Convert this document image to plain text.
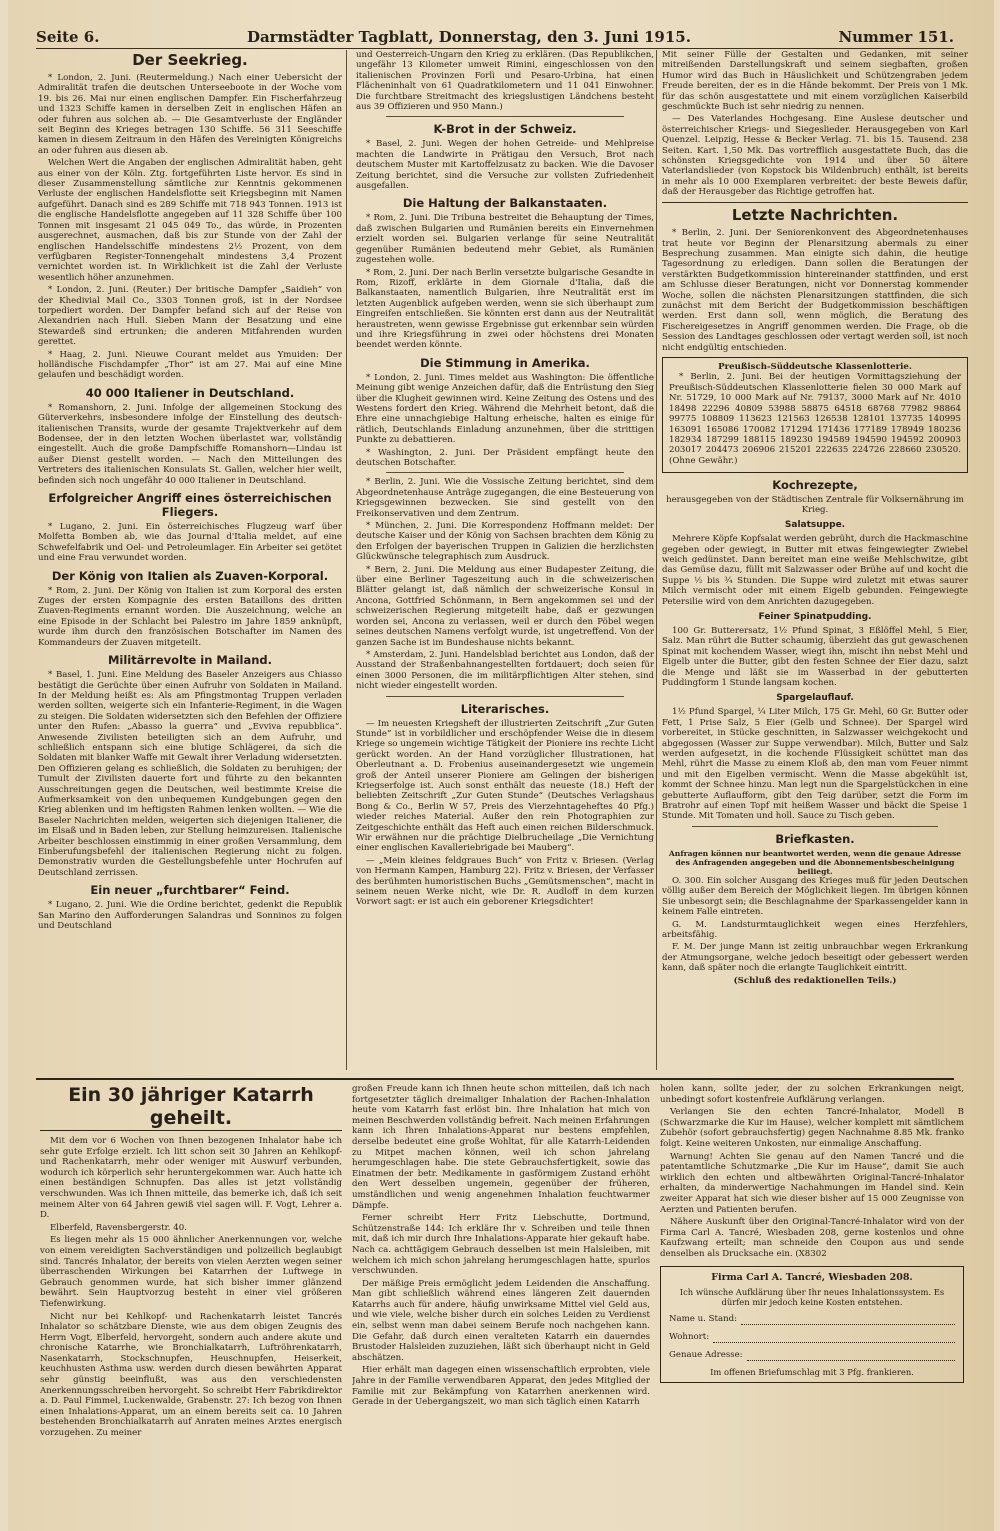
Seite 6.	Darmstädter Tagblatt, Donnerstag, den 3. Juni 1915.	Nummer 151.
Der Seekrieg.

* London, 2. Juni. (Reutermeldung.) Nach einer Uebersicht der Admiralität trafen die deutschen Unterseeboote in der Woche vom 19. bis 26. Mai nur einen englischen Dampfer. Ein Fischerfahrzeug und 1323 Schiffe kamen in derselben Zeit in englischen Häfen an oder fuhren aus solchen ab. — Die Gesamtverluste der Engländer seit Beginn des Krieges betragen 130 Schiffe. 56 311 Seeschiffe kamen in diesem Zeitraum in den Häfen des Vereinigten Königreichs an oder fuhren aus diesen ab.

Welchen Wert die Angaben der englischen Admiralität haben, geht aus einer von der Köln. Ztg. fortgeführten Liste hervor. Es sind in dieser Zusammenstellung sämtliche zur Kenntnis gekommenen Verluste der englischen Handelsflotte seit Kriegsbeginn mit Namen aufgeführt. Danach sind es 289 Schiffe mit 718 943 Tonnen. 1913 ist die englische Handelsflotte angegeben auf 11 328 Schiffe über 100 Tonnen mit insgesamt 21 045 049 To., das würde, in Prozenten ausgerechnet, ausmachen, daß bis zur Stunde von der Zahl der englischen Handelsschiffe mindestens 2½ Prozent, von dem verfügbaren Register-Tonnengehalt mindestens 3,4 Prozent vernichtet worden ist. In Wirklichkeit ist die Zahl der Verluste wesentlich höher anzunehmen.

* London, 2. Juni. (Reuter.) Der britische Dampfer „Saidieh“ von der Khedivial Mail Co., 3303 Tonnen groß, ist in der Nordsee torpediert worden. Der Dampfer befand sich auf der Reise von Alexandrien nach Hull. Sieben Mann der Besatzung und eine Stewardeß sind ertrunken; die anderen Mitfahrenden wurden gerettet.

* Haag, 2. Juni. Nieuwe Courant meldet aus Ymuiden: Der holländische Fischdampfer „Thor“ ist am 27. Mai auf eine Mine gelaufen und beschädigt worden.

40 000 Italiener in Deutschland.

* Romanshorn, 2. Juni. Infolge der allgemeinen Stockung des Güterverkehrs, insbesondere infolge der Einstellung des deutsch-italienischen Transits, wurde der gesamte Trajektverkehr auf dem Bodensee, der in den letzten Wochen überlastet war, vollständig eingestellt. Auch die große Dampfschiffe Romanshorn—Lindau ist außer Dienst gestellt worden. — Nach den Mitteilungen des Vertreters des italienischen Konsulats St. Gallen, welcher hier weilt, befinden sich noch ungefähr 40 000 Italiener in Deutschland.

Erfolgreicher Angriff eines österreichischen Fliegers.

* Lugano, 2. Juni. Ein österreichisches Flugzeug warf über Molfetta Bomben ab, wie das Journal d'Italia meldet, auf eine Schwefelfabrik und Oel- und Petroleumlager. Ein Arbeiter sei getötet und eine Frau verwundet worden.

Der König von Italien als Zuaven-Korporal.

* Rom, 2. Juni. Der König von Italien ist zum Korporal des ersten Zuges der ersten Kompagnie des ersten Bataillons des dritten Zuaven-Regiments ernannt worden. Die Auszeichnung, welche an eine Episode in der Schlacht bei Palestro im Jahre 1859 anknüpft, wurde ihm durch den französischen Botschafter im Namen des Kommandeurs der Zuaven mitgeteilt.

Militärrevolte in Mailand.

* Basel, 1. Juni. Eine Meldung des Baseler Anzeigers aus Chiasso bestätigt die Gerüchte über einen Aufruhr von Soldaten in Mailand. In der Meldung heißt es: Als am Pfingstmontag Truppen verladen werden sollten, weigerte sich ein Infanterie-Regiment, in die Wagen zu steigen. Die Soldaten widersetzten sich den Befehlen der Offiziere unter den Rufen: „Abasso la guerra“ und „Evviva repubblica“. Anwesende Zivilisten beteiligten sich an dem Aufruhr, und schließlich entspann sich eine blutige Schlägerei, da sich die Soldaten mit blanker Waffe mit Gewalt ihrer Verladung widersetzten. Den Offizieren gelang es schließlich, die Soldaten zu beruhigen; der Tumult der Zivilisten dauerte fort und führte zu den bekannten Ausschreitungen gegen die Deutschen, weil bestimmte Kreise die Aufmerksamkeit von den unbequemen Kundgebungen gegen den Krieg ablenken und im heftigsten Rahmen lenken wollten. — Wie die Baseler Nachrichten melden, weigerten sich diejenigen Italiener, die im Elsaß und in Baden leben, zur Stellung heimzureisen. Italienische Arbeiter beschlossen einstimmig in einer großen Versammlung, dem Einberufungsbefehl der italienischen Regierung nicht zu folgen. Demonstrativ wurden die Gestellungsbefehle unter Hochrufen auf Deutschland zerrissen.

Ein neuer „furchtbarer“ Feind.

* Lugano, 2. Juni. Wie die Ordine berichtet, gedenkt die Republik San Marino den Aufforderungen Salandras und Sonninos zu folgen und Deutschland

und Oesterreich-Ungarn den Krieg zu erklären. (Das Republikchen, ungefähr 13 Kilometer umweit Rimini, eingeschlossen von den italienischen Provinzen Forlì und Pesaro-Urbina, hat einen Flächeninhalt von 61 Quadratkilometern und 11 041 Einwohner. Die furchtbare Streitmacht des kriegslustigen Ländchens besteht aus 39 Offizieren und 950 Mann.)

K-Brot in der Schweiz.

* Basel, 2. Juni. Wegen der hohen Getreide- und Mehlpreise machten die Landwirte in Prätigau den Versuch, Brot nach deutschem Muster mit Kartoffelzusatz zu backen. Wie die Davoser Zeitung berichtet, sind die Versuche zur vollsten Zufriedenheit ausgefallen.

Die Haltung der Balkanstaaten.

* Rom, 2. Juni. Die Tribuna bestreitet die Behauptung der Times, daß zwischen Bulgarien und Rumänien bereits ein Einvernehmen erzielt worden sei. Bulgarien verlange für seine Neutralität gegenüber Rumänien bedeutend mehr Gebiet, als Rumänien zugestehen wolle.

* Rom, 2. Juni. Der nach Berlin versetzte bulgarische Gesandte in Rom, Rizoff, erklärte in dem Giornale d'Italia, daß die Balkanstaaten, namentlich Bulgarien, ihre Neutralität erst im letzten Augenblick aufgeben werden, wenn sie sich überhaupt zum Eingreifen entschließen. Sie könnten erst dann aus der Neutralität heraustreten, wenn gewisse Ergebnisse gut erkennbar sein würden und ihre Kriegsführung in zwei oder höchstens drei Monaten beendet werden könnte.

Die Stimmung in Amerika.

* London, 2. Juni. Times meldet aus Washington: Die öffentliche Meinung gibt wenige Anzeichen dafür, daß die Entrüstung den Sieg über die Klugheit gewinnen wird. Keine Zeitung des Ostens und des Westens fordert den Krieg. Während die Mehrheit betont, daß die Ehre eine unnachgiebige Haltung erheische, halten es einige für rätlich, Deutschlands Einladung anzunehmen, über die strittigen Punkte zu debattieren.

* Washington, 2. Juni. Der Präsident empfängt heute den deutschen Botschafter.

* Berlin, 2. Juni. Wie die Vossische Zeitung berichtet, sind dem Abgeordnetenhause Anträge zugegangen, die eine Besteuerung von Kriegsgewinnen bezwecken. Sie sind gestellt von den Freikonservativen und dem Zentrum.

* München, 2. Juni. Die Korrespondenz Hoffmann meldet: Der deutsche Kaiser und der König von Sachsen brachten dem König zu den Erfolgen der bayerischen Truppen in Galizien die herzlichsten Glückwünsche telegraphisch zum Ausdruck.

* Bern, 2. Juni. Die Meldung aus einer Budapester Zeitung, die über eine Berliner Tageszeitung auch in die schweizerischen Blätter gelangt ist, daß nämlich der schweizerische Konsul in Ancona, Gottfried Schönmann, in Bern angekommen sei und der schweizerischen Regierung mitgeteilt habe, daß er gezwungen worden sei, Ancona zu verlassen, weil er durch den Pöbel wegen seines deutschen Namens verfolgt wurde, ist ungetreffend. Von der ganzen Sache ist im Bundeshause nichts bekannt.

* Amsterdam, 2. Juni. Handelsblad berichtet aus London, daß der Ausstand der Straßenbahnangestellten fortdauert; doch seien für einen 3000 Personen, die im militärpflichtigen Alter stehen, sind nicht wieder eingestellt worden.

Literarisches.

— Im neuesten Kriegsheft der illustrierten Zeitschrift „Zur Guten Stunde“ ist in vorbildlicher und erschöpfender Weise die in diesem Kriege so ungemein wichtige Tätigkeit der Pioniere ins rechte Licht gerückt worden. An der Hand vorzüglicher Illustrationen, hat Oberleutnant a. D. Frobenius auseinandergesetzt wie ungemein groß der Anteil unserer Pioniere am Gelingen der bisherigen Kriegserfolge ist. Auch sonst enthält das neueste (18.) Heft der beliebten Zeitschrift „Zur Guten Stunde“ (Deutsches Verlagshaus Bong & Co., Berlin W 57, Preis des Vierzehntageheftes 40 Pfg.) wieder reiches Material. Außer den rein Photographien zur Zeitgeschichte enthält das Heft auch einen reichen Bilderschmuck. Wir erwähnen nur die prächtige Dielbrucheilage „Die Vernichtung einer englischen Kavalleriebrigade bei Mauberg“.

— „Mein kleines feldgraues Buch“ von Fritz v. Briesen. (Verlag von Hermann Kampen, Hamburg 22). Fritz v. Briesen, der Verfasser des berühmten humoristischen Buchs „Gemütsmenschen“, macht in seinem neuen Werke nicht, wie Dr. R. Audloff in dem kurzen Vorwort sagt: er ist auch ein geborener Kriegsdichter!

Mit seiner Fülle der Gestalten und Gedanken, mit seiner mitreißenden Darstellungskraft und seinem siegbaften, großen Humor wird das Buch in Häuslichkeit und Schützengraben jedem Freude bereiten, der es in die Hände bekommt. Der Preis von 1 Mk. für das schön ausgestattete und mit einem vorzüglichen Kaiserbild geschmückte Buch ist sehr niedrig zu nennen.

— Des Vaterlandes Hochgesang. Eine Auslese deutscher und österreichischer Kriegs- und Siegeslieder. Herausgegeben von Karl Quenzel. Leipzig, Hesse & Becker Verlag. 71. bis 15. Tausend. 238 Seiten. Kart. 1,50 Mk. Das vortrefflich ausgestattete Buch, das die schönsten Kriegsgedichte von 1914 und über 50 ältere Vaterlandslieder (von Kopstock bis Wildenbruch) enthält, ist bereits in mehr als 10 000 Exemplaren verbreitet: der beste Beweis dafür, daß der Herausgeber das Richtige getroffen hat.

Letzte Nachrichten.

* Berlin, 2. Juni. Der Seniorenkonvent des Abgeordnetenhauses trat heute vor Beginn der Plenarsitzung abermals zu einer Besprechung zusammen. Man einigte sich dahin, die heutige Tagesordnung zu erledigen. Dann sollen die Beratungen der verstärkten Budgetkommission hintereinander stattfinden, und erst am Schlusse dieser Beratungen, nicht vor Donnerstag kommender Woche, sollen die nächsten Plenarsitzungen stattfinden, die sich zunächst mit dem Bericht der Budgetkommission beschäftigen werden. Erst dann soll, wenn möglich, die Beratung des Fischereigesetzes in Angriff genommen werden. Die Frage, ob die Session des Landtages geschlossen oder vertagt werden soll, ist noch nicht endgültig entschieden.

Preußisch-Süddeutsche Klassenlotterie.

* Berlin, 2. Juni. Bei der heutigen Vormittagsziehung der Preußisch-Süddeutschen Klassenlotterie fielen 30 000 Mark auf Nr. 51729, 10 000 Mark auf Nr. 79137, 3000 Mark auf Nr. 4010 18498 22296 40809 53988 58875 64518 68768 77982 98864 99775 108809 113623 121563 126538 128101 137735 140995 163091 165086 170082 171294 171436 177189 178949 180236 182934 187299 188115 189230 194589 194590 194592 200903 203017 204473 206906 215201 222635 224726 228660 230520. (Ohne Gewähr.)

Kochrezepte,
herausgegeben von der Städtischen Zentrale für Volksernährung im Krieg.
Salatsuppe.

Mehrere Köpfe Kopfsalat werden gebrüht, durch die Hackmaschine gegeben oder gewiegt, in Butter mit etwas feingewiegter Zwiebel weich gedünstet. Dann bereitet man eine weiße Mehlschwitze, gibt das Gemüse dazu, füllt mit Salzwasser oder Brühe auf und kocht die Suppe ½ bis ¾ Stunden. Die Suppe wird zuletzt mit etwas saurer Milch vermischt oder mit einem Eigelb gebunden. Feingewiegte Petersilie wird von dem Anrichten dazugegeben.

Feiner Spinatpudding.

100 Gr. Butterersatz, 1½ Pfund Spinat, 3 Eßlöffel Mehl, 5 Eier, Salz. Man rührt die Butter schaumig, überzieht das gut gewaschenen Spinat mit kochendem Wasser, wiegt ihn, mischt ihn nebst Mehl und Eigelb unter die Butter, gibt den festen Schnee der Eier dazu, salzt die Menge und läßt sie im Wasserbad in der gebutterten Puddingform 1 Stunde langsam kochen.

Spargelauflauf.

1½ Pfund Spargel, ¼ Liter Milch, 175 Gr. Mehl, 60 Gr. Butter oder Fett, 1 Prise Salz, 5 Eier (Gelb und Schnee). Der Spargel wird vorbereitet, in Stücke geschnitten, in Salzwasser weichgekocht und abgegossen (Wasser zur Suppe verwendbar). Milch, Butter und Salz werden aufgesetzt, in die kochende Flüssigkeit schüttet man das Mehl, rührt die Masse zu einem Kloß ab, den man vom Feuer nimmt und mit den Eigelben vermischt. Wenn die Masse abgekühlt ist, kommt der Schnee hinzu. Man legt nun die Spargelstückchen in eine gebutterte Auflaufform, gibt den Teig darüber, setzt die Form im Bratrohr auf einen Topf mit heißem Wasser und bäckt die Speise 1 Stunde. Mit Tomaten und holl. Sauce zu Tisch geben.

Briefkasten.
Anfragen können nur beantwortet werden, wenn die genaue Adresse des Anfragenden angegeben und die Abonnementsbescheinigung beiliegt.

O. 300. Ein solcher Ausgang des Krieges muß für jeden Deutschen völlig außer dem Bereich der Möglichkeit liegen. Im übrigen können Sie unbesorgt sein; die Beschlagnahme der Sparkassengelder kann in keinem Falle eintreten.

G. M. Landsturmtauglichkeit wegen eines Herzfehlers, arbeitsfähig.

F. M. Der junge Mann ist zeitig unbrauchbar wegen Erkrankung der Atmungsorgane, welche jedoch beseitigt oder gebessert werden kann, daß später noch die erlangte Tauglichkeit eintritt.

(Schluß des redaktionellen Teils.)
Ein 30 jähriger Katarrh geheilt.

Mit dem vor 6 Wochen von Ihnen bezogenen Inhalator habe ich sehr gute Erfolge erzielt. Ich litt schon seit 30 Jahren an Kehlkopf- und Rachenkatarrh, mehr oder weniger mit Auswurf verbunden, wodurch ich körperlich sehr heruntergekommen war. Auch hatte ich einen beständigen Schnupfen. Das alles ist jetzt vollständig verschwunden. Was ich Ihnen mitteile, das bemerke ich, daß ich seit meinem Alter von 64 Jahren gewiß viel sagen will. F. Vogt, Lehrer a. D.

Elberfeld, Ravensbergerstr. 40.

Es liegen mehr als 15 000 ähnlicher Anerkennungen vor, welche von einem vereidigten Sachverständigen und polizeilich beglaubigt sind. Tancrés Inhalator, der bereits von vielen Aerzten wegen seiner überraschenden Wirkungen bei Katarrhen der Luftwege in Gebrauch genommen wurde, hat sich bisher immer glänzend bewährt. Sein Hauptvorzug besteht in einer viel größeren Tiefenwirkung.

Nicht nur bei Kehlkopf- und Rachenkatarrh leistet Tancrés Inhalator so schätzbare Dienste, wie aus dem obigen Zeugnis des Herrn Vogt, Elberfeld, hervorgeht, sondern auch andere akute und chronische Katarrhe, wie Bronchialkatarrh, Luftröhrenkatarrh, Nasenkatarrh, Stockschnupfen, Heuschnupfen, Heiserkeit, keuchhusten Asthma usw. werden durch diesen bewährten Apparat sehr günstig beeinflußt, was aus den verschiedensten Anerkennungsschreiben hervorgeht. So schreibt Herr Fabrikdirektor a. D. Paul Fimmel, Luckenwalde, Grabenstr. 27: Ich bezog von Ihnen einen Inhalations-Apparat, um an einem bereits seit ca. 10 Jahren bestehenden Bronchialkatarrh auf Anraten meines Arztes energisch vorzugehen. Zu meiner

großen Freude kann ich Ihnen heute schon mitteilen, daß ich nach fortgesetzter täglich dreimaliger Inhalation der Rachen-Inhalation heute vom Katarrh fast erlöst bin. Ihre Inhalation hat mich von meinen Beschwerden vollständig befreit. Nach meinen Erfahrungen kann ich Ihren Inhalations-Apparat nur bestens empfehlen, derselbe bedeutet eine große Wohltat, für alle Katarrh-Leidenden zu Mitpet machen können, weil ich schon jahrelang herumgeschlagen habe. Die stete Gebrauchsfertigkeit, sowie das Einatmen der betr. Medikamente in gasförmigem Zustand erhöht den Wert desselben ungemein, gegenüber der früheren, umständlichen und wenig angenehmen Inhalation feuchtwarmer Dämpfe.

Ferner schreibt Herr Fritz Liebschutte, Dortmund, Schützenstraße 144: Ich erkläre Ihr v. Schreiben und teile Ihnen mit, daß ich mir durch Ihre Inhalations-Apparate hier gekauft habe. Nach ca. achttägigem Gebrauch desselben ist mein Halsleiben, mit welchem ich mich schon jahrelang herumgeschlagen hatte, spurlos verschwunden.

Der mäßige Preis ermöglicht jedem Leidenden die Anschaffung. Man gibt schließlich während eines längeren Zeit dauernden Katarrhs auch für andere, häufig unwirksame Mittel viel Geld aus, und wie viele, welche bisher durch ein solches Leiden zu Verdienst ein, selbst wenn man dabei seinem Berufe noch nachgehen kann. Die Gefahr, daß durch einen veralteten Katarrh ein dauerndes Brustoder Halsleiden zuzuziehen, läßt sich überhaupt nicht in Geld abschätzen.

Hier erhält man dagegen einen wissenschaftlich erprobten, viele Jahre in der Familie verwendbaren Apparat, den jedes Mitglied der Familie mit zur Bekämpfung von Katarrhen anerkennen wird. Gerade in der Uebergangszeit, wo man sich täglich einen Katarrh

holen kann, sollte jeder, der zu solchen Erkrankungen neigt, unbedingt sofort kostenfreie Aufklärung verlangen.

Verlangen Sie den echten Tancré-Inhalator, Modell B (Schwarzmarke die Kur im Hause), welcher komplett mit sämtlichem Zubehör (sofort gebrauchsfertig) gegen Nachnahme 8.85 Mk. franko folgt. Keine weiteren Unkosten, nur einmalige Anschaffung.

Warnung! Achten Sie genau auf den Namen Tancré und die patentamtliche Schutzmarke „Die Kur im Hause“, damit Sie auch wirklich den echten und altbewährten Original-Tancré-Inhalator erhalten, da minderwertige Nachahmungen im Handel sind. Kein zweiter Apparat hat sich wie dieser bisher auf 15 000 Zeugnisse von Aerzten und Patienten berufen.

Nähere Auskunft über den Original-Tancré-Inhalator wird von der Firma Carl A. Tancré, Wiesbaden 208, gerne kostenlos und ohne Kaufzwang erteilt; man schneide den Coupon aus und sende denselben als Drucksache ein. (X8302

Firma Carl A. Tancré, Wiesbaden 208.
Ich wünsche Aufklärung über Ihr neues Inhalationssystem. Es dürfen mir jedoch keine Kosten entstehen.
Name u. Stand:
Wohnort:
Genaue Adresse:
Im offenen Briefumschlag mit 3 Pfg. frankieren.
